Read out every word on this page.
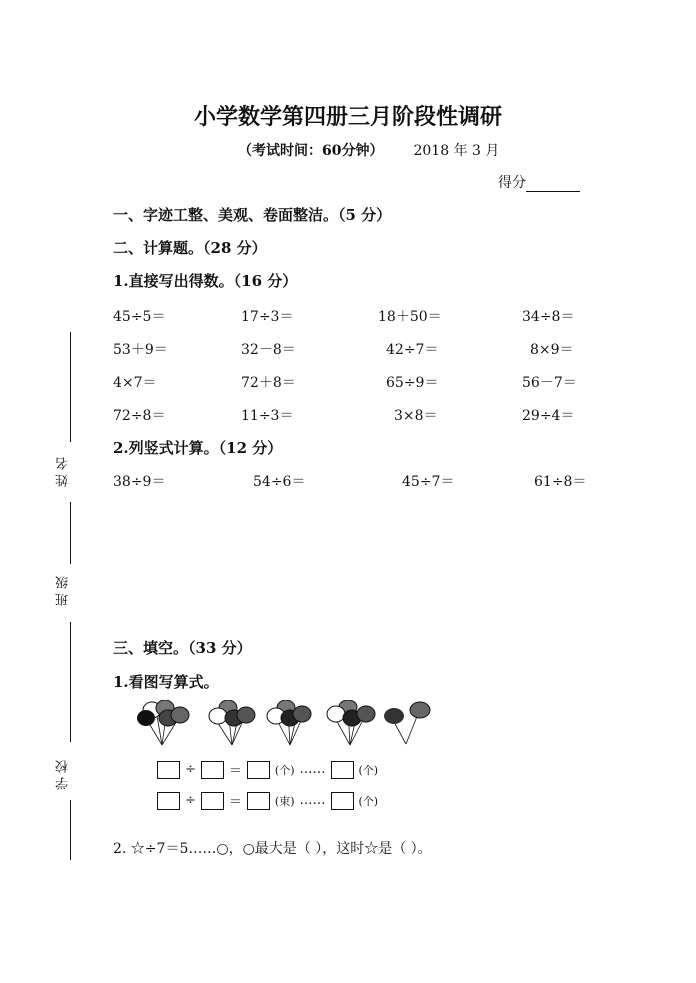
小学数学第四册三月阶段性调研
（考试时间：60分钟） 2018 年 3 月
得分
姓名
班级
学校
一、字迹工整、美观、卷面整洁。（5 分）
二、计算题。（28 分）
1.直接写出得数。（16 分）
45÷5＝	17÷3＝	18＋50＝	34÷8＝
53＋9＝	32－8＝	42÷7＝	8×9＝
4×7＝	72＋8＝	65÷9＝	56－7＝
72÷8＝	11÷3＝	3×8＝	29÷4＝
2.列竖式计算。（12 分）
38÷9＝	54÷6＝	45÷7＝	61÷8＝
三、填空。（33 分）
1.看图写算式。
÷	＝	(个) ……	(个)
÷	＝	(束) ……	(个)
2. ☆÷7＝5……○，○最大是（ ），这时☆是（ ）。
